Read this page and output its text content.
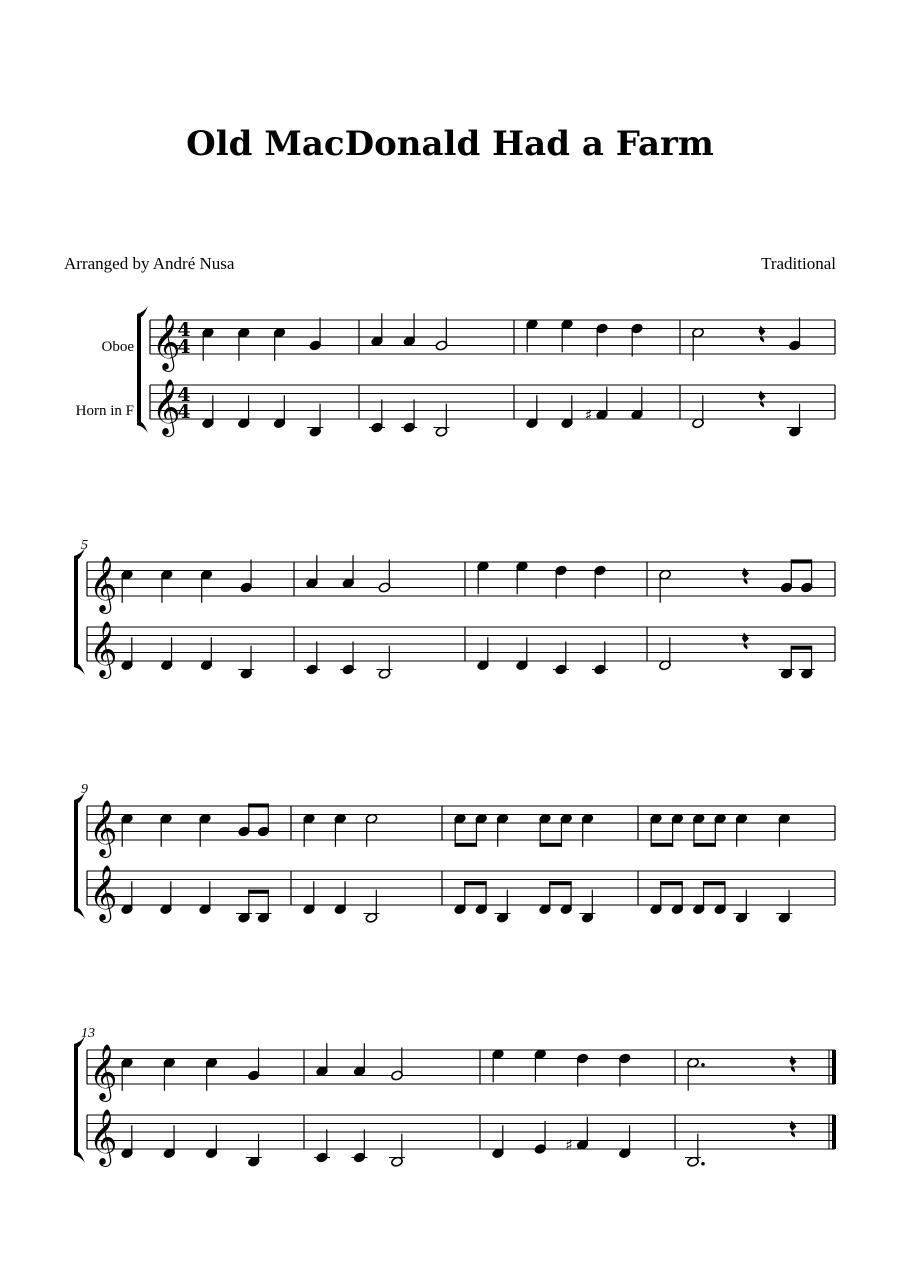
Old MacDonald Had a Farm
Arranged by André Nusa	Traditional
Oboe
Horn in F
𝄞
4
4
𝄞
4
4	♯
5
𝄞
𝄞
9
𝄞
𝄞
13
𝄞
𝄞	♯
